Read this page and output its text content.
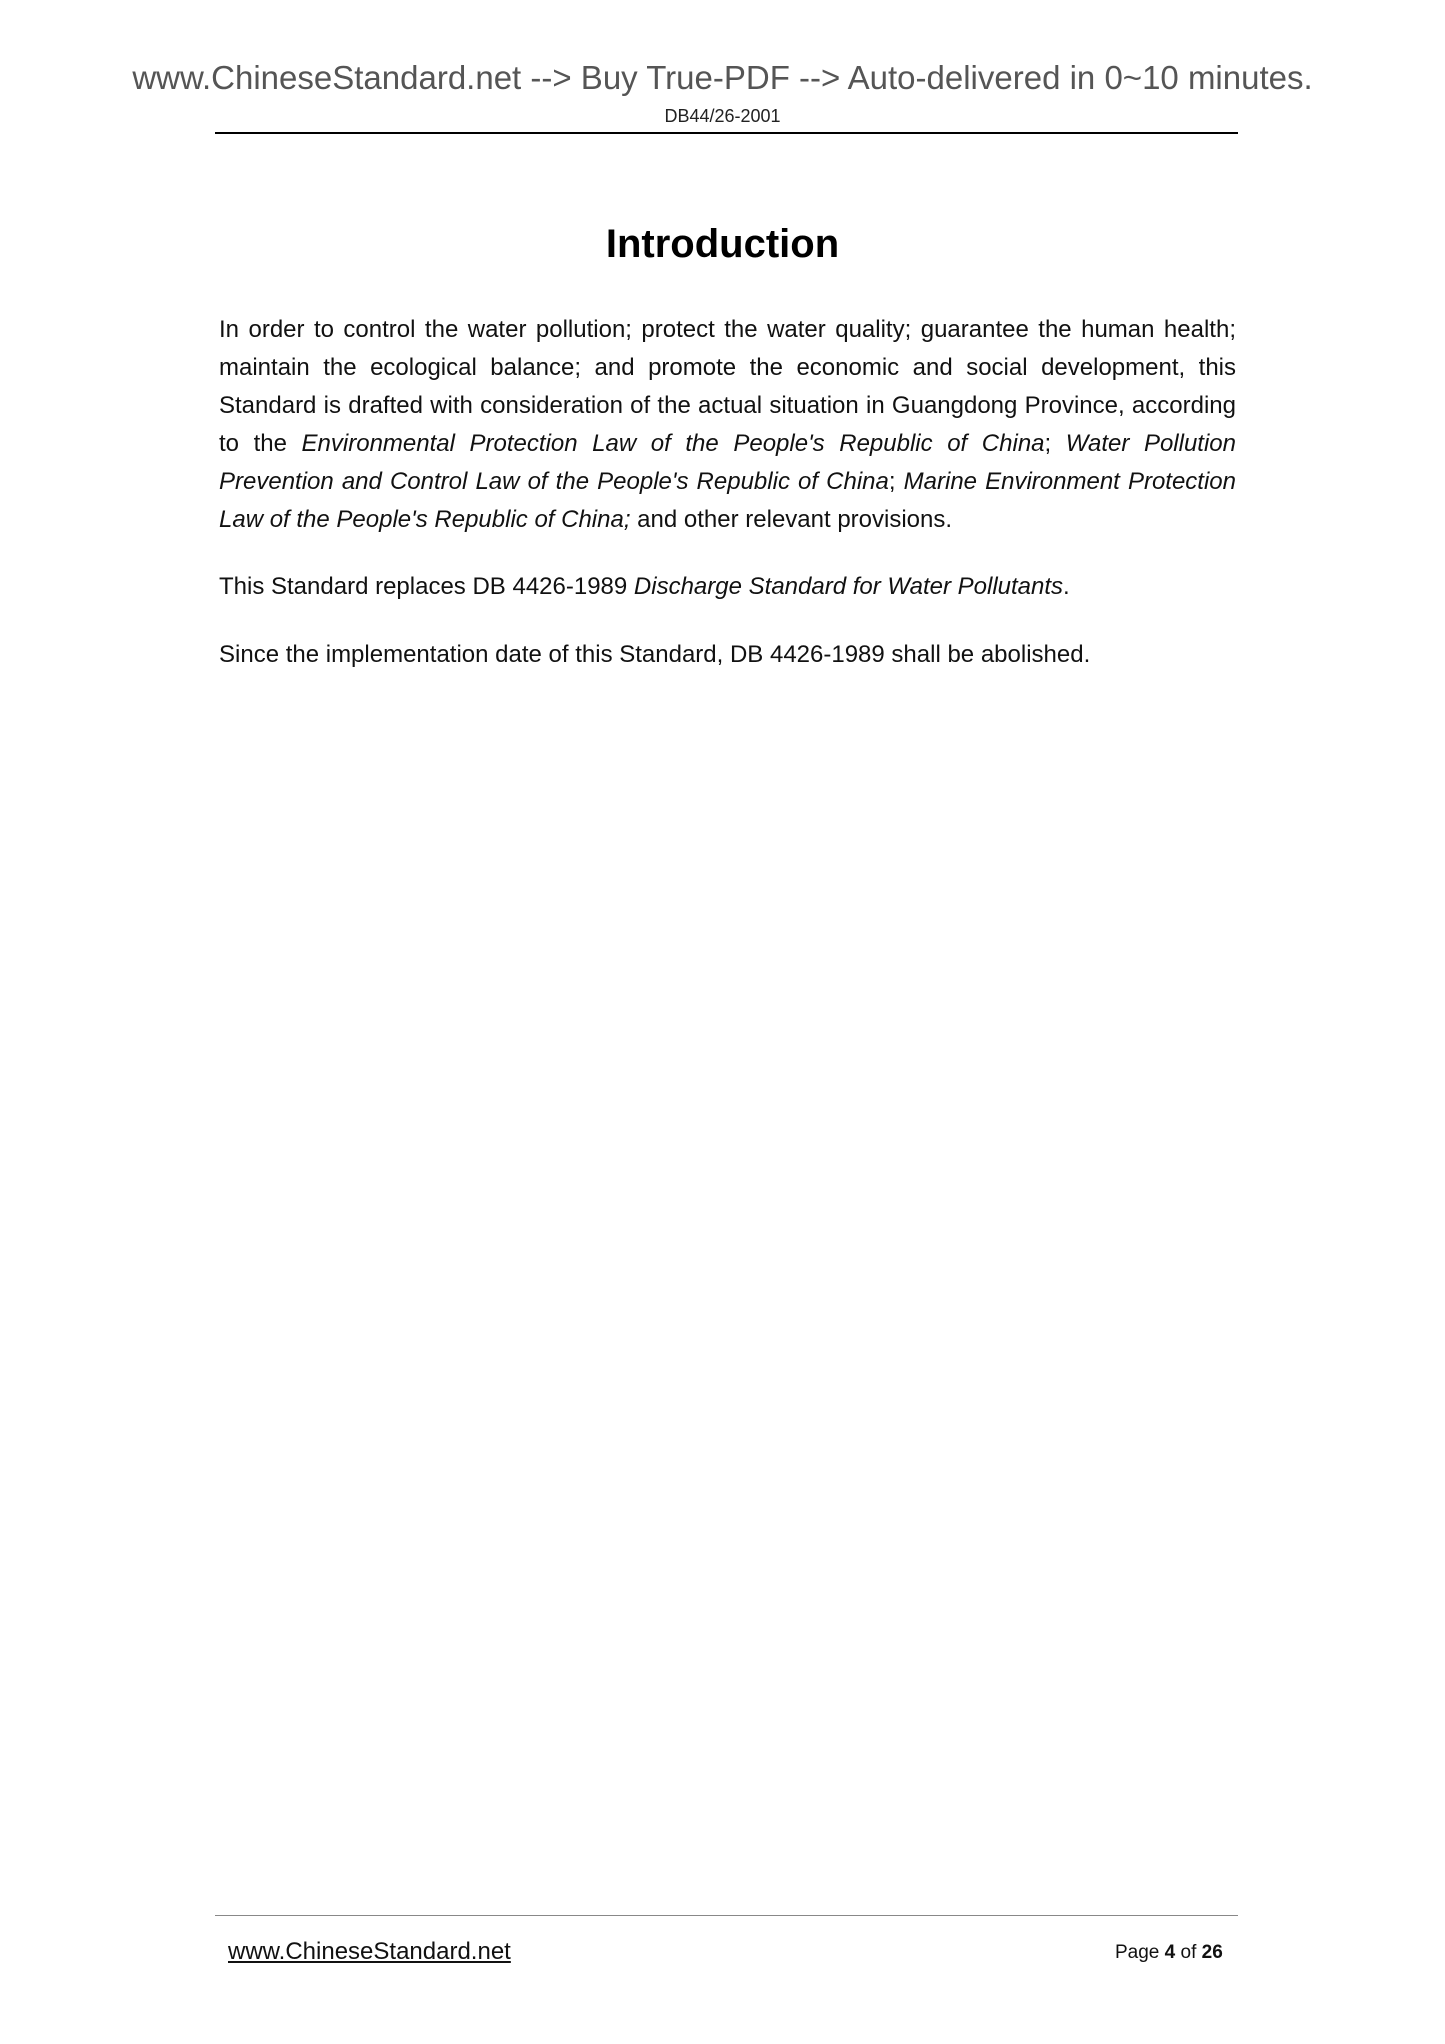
www.ChineseStandard.net --> Buy True-PDF --> Auto-delivered in 0~10 minutes.
DB44/26-2001
Introduction

In order to control the water pollution; protect the water quality; guarantee the human health; maintain the ecological balance; and promote the economic and social development, this Standard is drafted with consideration of the actual situation in Guangdong Province, according to the Environmental Protection Law of the People's Republic of China; Water Pollution Prevention and Control Law of the People's Republic of China; Marine Environment Protection Law of the People's Republic of China; and other relevant provisions.

This Standard replaces DB 4426-1989 Discharge Standard for Water Pollutants.

Since the implementation date of this Standard, DB 4426-1989 shall be abolished.

www.ChineseStandard.net	Page 4 of 26
